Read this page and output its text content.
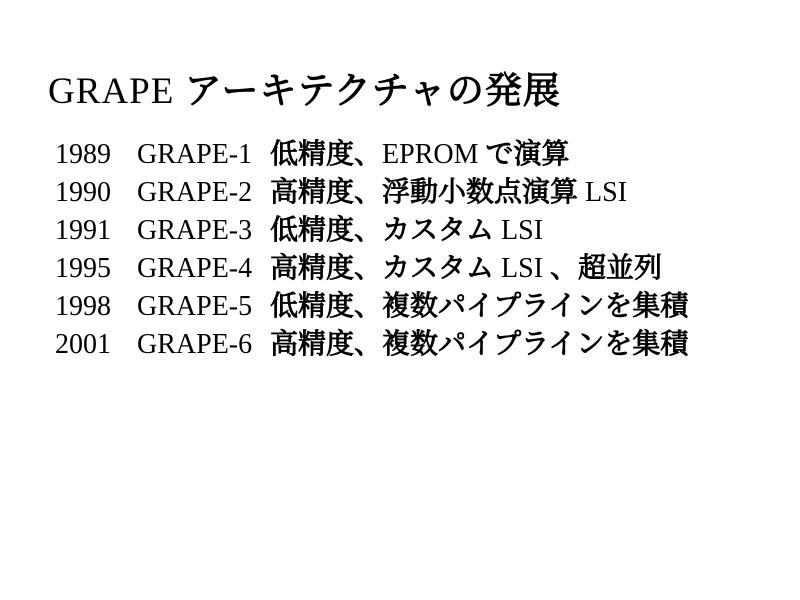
GRAPE アーキテクチャの発展
1989 GRAPE-1 低精度、EPROM で演算
1990 GRAPE-2 高精度、浮動小数点演算 LSI
1991 GRAPE-3 低精度、カスタム LSI
1995 GRAPE-4 高精度、カスタム LSI 、超並列
1998 GRAPE-5 低精度、複数パイプラインを集積
2001 GRAPE-6 高精度、複数パイプラインを集積
